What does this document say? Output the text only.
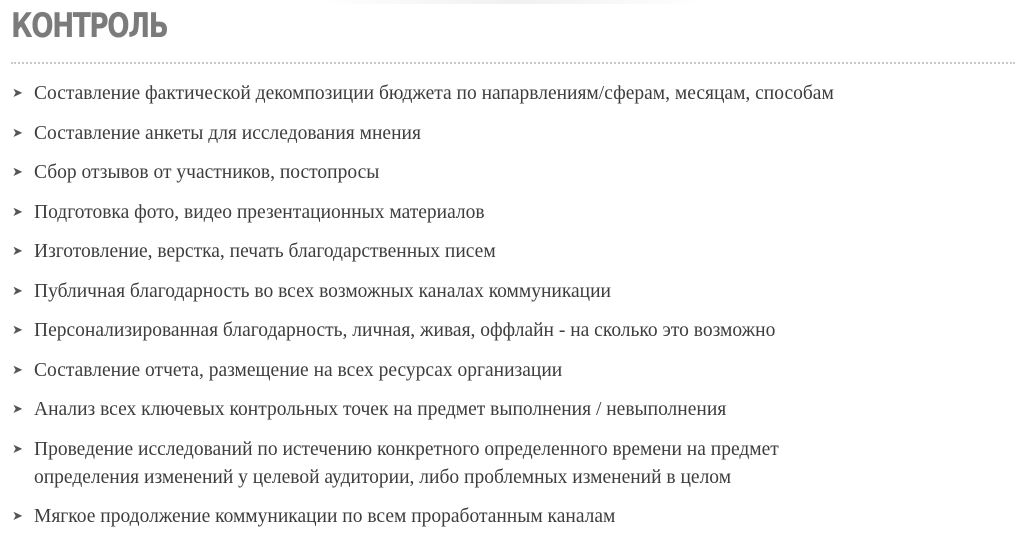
КОНТРОЛЬ
➤ Составление фактической декомпозиции бюджета по напарвлениям/сферам, месяцам, способам
➤ Составление анкеты для исследования мнения
➤ Сбор отзывов от участников, постопросы
➤ Подготовка фото, видео презентационных материалов
➤ Изготовление, верстка, печать благодарственных писем
➤ Публичная благодарность во всех возможных каналах коммуникации
➤ Персонализированная благодарность, личная, живая, оффлайн - на сколько это возможно
➤ Составление отчета, размещение на всех ресурсах организации
➤ Анализ всех ключевых контрольных точек на предмет выполнения / невыполнения
➤ Проведение исследований по истечению конкретного определенного времени на предмет
определения изменений у целевой аудитории, либо проблемных изменений в целом
➤ Мягкое продолжение коммуникации по всем проработанным каналам
